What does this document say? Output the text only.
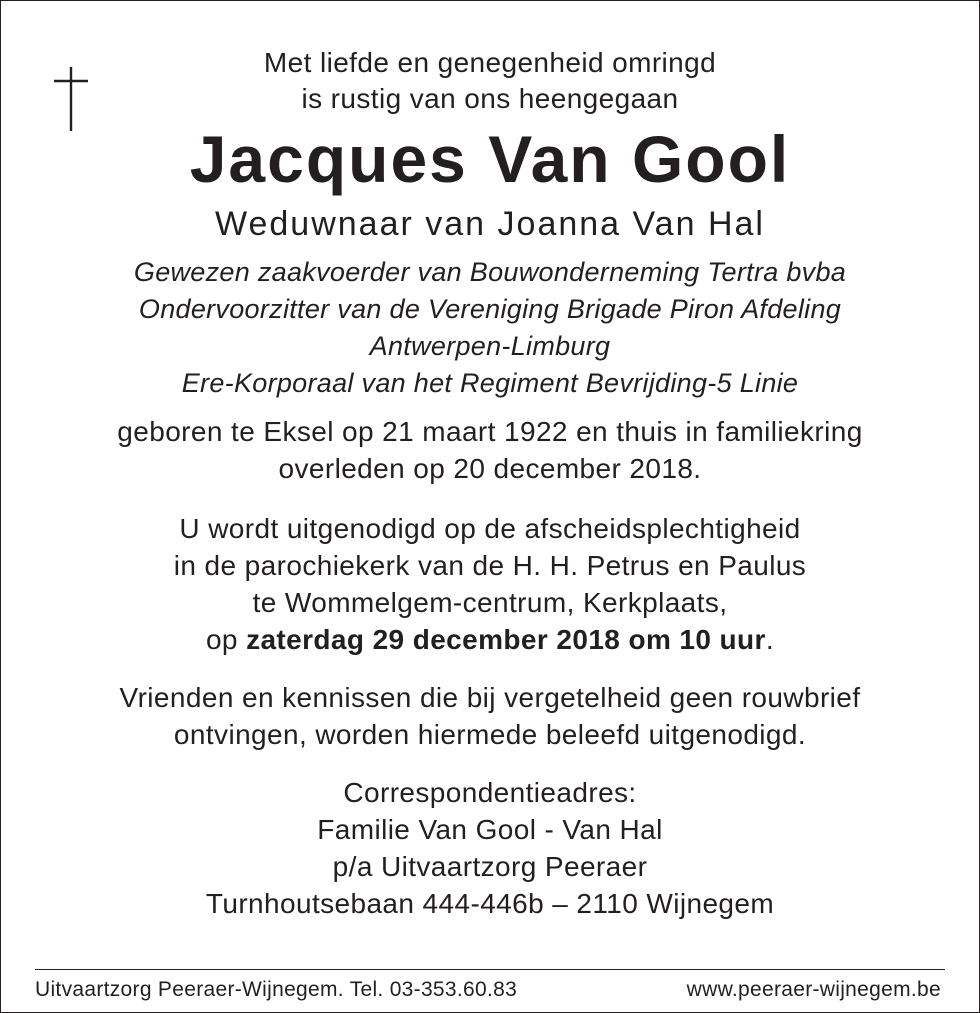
Met liefde en genegenheid omringd
is rustig van ons heengegaan
Jacques Van Gool
Weduwnaar van Joanna Van Hal
Gewezen zaakvoerder van Bouwonderneming Tertra bvba
Ondervoorzitter van de Vereniging Brigade Piron Afdeling
Antwerpen-Limburg
Ere-Korporaal van het Regiment Bevrijding-5 Linie
geboren te Eksel op 21 maart 1922 en thuis in familiekring
overleden op 20 december 2018.
U wordt uitgenodigd op de afscheidsplechtigheid
in de parochiekerk van de H. H. Petrus en Paulus
te Wommelgem-centrum, Kerkplaats,
op zaterdag 29 december 2018 om 10 uur.
Vrienden en kennissen die bij vergetelheid geen rouwbrief
ontvingen, worden hiermede beleefd uitgenodigd.
Correspondentieadres:
Familie Van Gool - Van Hal
p/a Uitvaartzorg Peeraer
Turnhoutsebaan 444-446b – 2110 Wijnegem
Uitvaartzorg Peeraer-Wijnegem. Tel. 03-353.60.83	www.peeraer-wijnegem.be
